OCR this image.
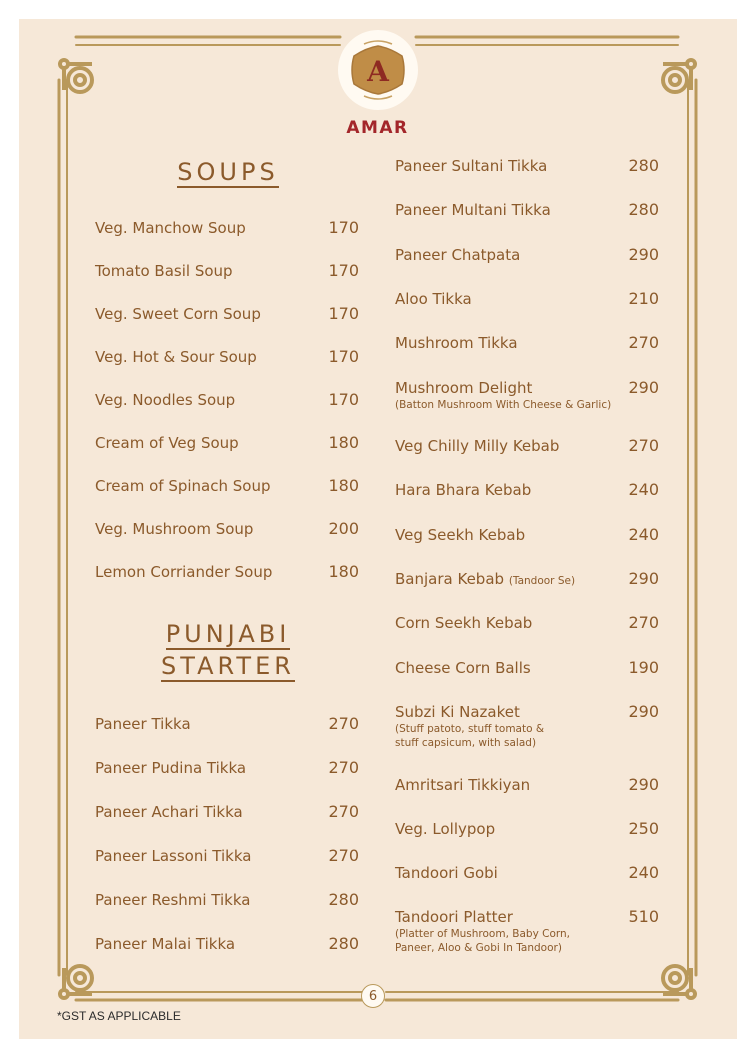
A
AMAR
SOUPS
PUNJABI
STARTER
Veg. Manchow Soup	170
Tomato Basil Soup	170
Veg. Sweet Corn Soup	170
Veg. Hot & Sour Soup	170
Veg. Noodles Soup	170
Cream of Veg Soup	180
Cream of Spinach Soup	180
Veg. Mushroom Soup	200
Lemon Corriander Soup	180
Paneer Tikka	270
Paneer Pudina Tikka	270
Paneer Achari Tikka	270
Paneer Lassoni Tikka	270
Paneer Reshmi Tikka	280
Paneer Malai Tikka	280
Paneer Sultani Tikka	280
Paneer Multani Tikka	280
Paneer Chatpata	290
Aloo Tikka	210
Mushroom Tikka	270
Mushroom Delight	290
(Batton Mushroom With Cheese & Garlic)
Veg Chilly Milly Kebab	270
Hara Bhara Kebab	240
Veg Seekh Kebab	240
Banjara Kebab (Tandoor Se)	290
Corn Seekh Kebab	270
Cheese Corn Balls	190
Subzi Ki Nazaket	290
(Stuff patoto, stuff tomato &
stuff capsicum, with salad)
Amritsari Tikkiyan	290
Veg. Lollypop	250
Tandoori Gobi	240
Tandoori Platter	510
(Platter of Mushroom, Baby Corn,
Paneer, Aloo & Gobi In Tandoor)
6
*GST AS APPLICABLE
